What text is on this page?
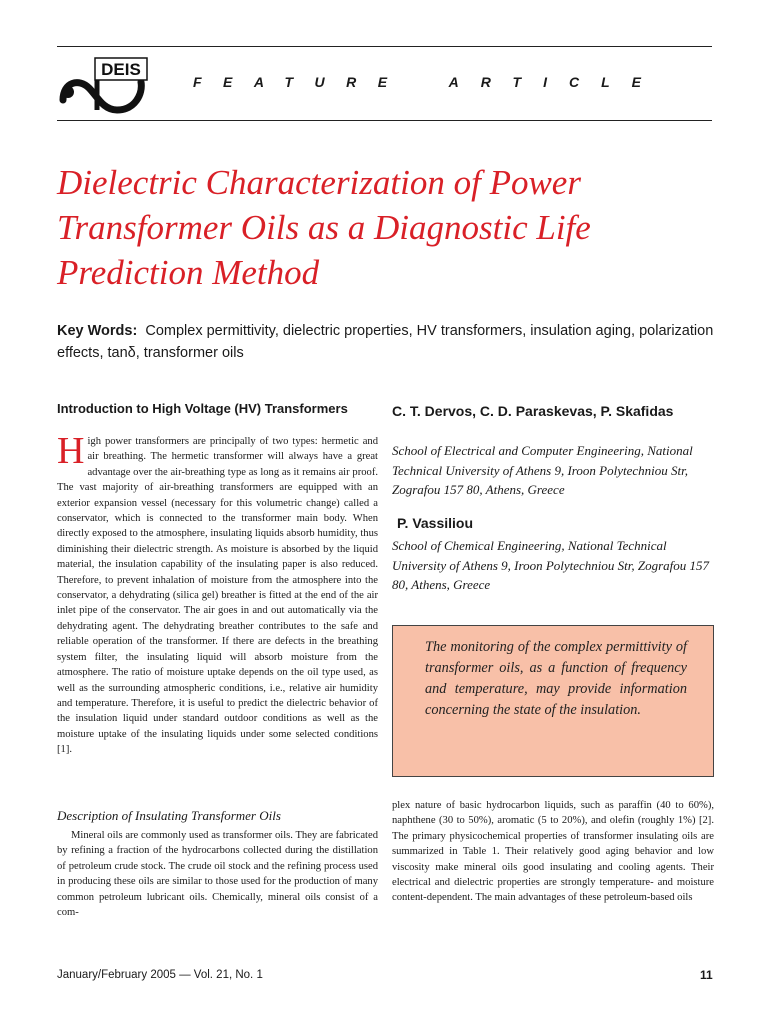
DEIS
FEATURE	ARTICLE
Dielectric Characterization of Power Transformer Oils as a Diagnostic Life Prediction Method
Key Words: Complex permittivity, dielectric properties, HV transformers, insulation aging, polarization effects, tanδ, transformer oils
Introduction to High Voltage (HV) Transformers
High power transformers are principally of two types: hermetic and air breathing. The hermetic transformer will always have a great advantage over the air-breathing type as long as it remains air proof. The vast majority of air-breathing transformers are equipped with an exterior expansion vessel (necessary for this volumetric change) called a conservator, which is connected to the transformer main body. When directly exposed to the atmosphere, insulating liquids absorb humidity, thus diminishing their dielectric strength. As moisture is absorbed by the liquid material, the insulation capability of the insulating paper is also reduced. Therefore, to prevent inhalation of moisture from the atmosphere into the conservator, a dehydrating (silica gel) breather is fitted at the end of the air inlet pipe of the conservator. The air goes in and out automatically via the dehydrating agent. The dehydrating breather contributes to the safe and reliable operation of the transformer. If there are defects in the breathing system filter, the insulating liquid will absorb moisture from the atmosphere. The ratio of moisture uptake depends on the oil type used, as well as the surrounding atmospheric conditions, i.e., relative air humidity and temperature. Therefore, it is useful to predict the dielectric behavior of the insulation liquid under standard outdoor conditions as well as the moisture uptake of the insulating liquids under some selected conditions [1].
Description of Insulating Transformer Oils
Mineral oils are commonly used as transformer oils. They are fabricated by refining a fraction of the hydrocarbons collected during the distillation of petroleum crude stock. The crude oil stock and the refining process used in producing these oils are similar to those used for the production of many common petroleum lubricant oils. Chemically, mineral oils consist of a com-
C. T. Dervos, C. D. Paraskevas, P. Skafidas
School of Electrical and Computer Engineering, National Technical University of Athens 9, Iroon Polytechniou Str, Zografou 157 80, Athens, Greece
P. Vassiliou
School of Chemical Engineering, National Technical University of Athens 9, Iroon Polytechniou Str, Zografou 157 80, Athens, Greece

The monitoring of the complex permittivity of transformer oils, as a function of frequency and temperature, may provide information concerning the state of the insulation.

plex nature of basic hydrocarbon liquids, such as paraffin (40 to 60%), naphthene (30 to 50%), aromatic (5 to 20%), and olefin (roughly 1%) [2]. The primary physicochemical properties of transformer insulating oils are summarized in Table 1. Their relatively good aging behavior and low viscosity make mineral oils good insulating and cooling agents. Their electrical and dielectric properties are strongly temperature- and moisture content-dependent. The main advantages of these petroleum-based oils
January/February 2005 — Vol. 21, No. 1	11
